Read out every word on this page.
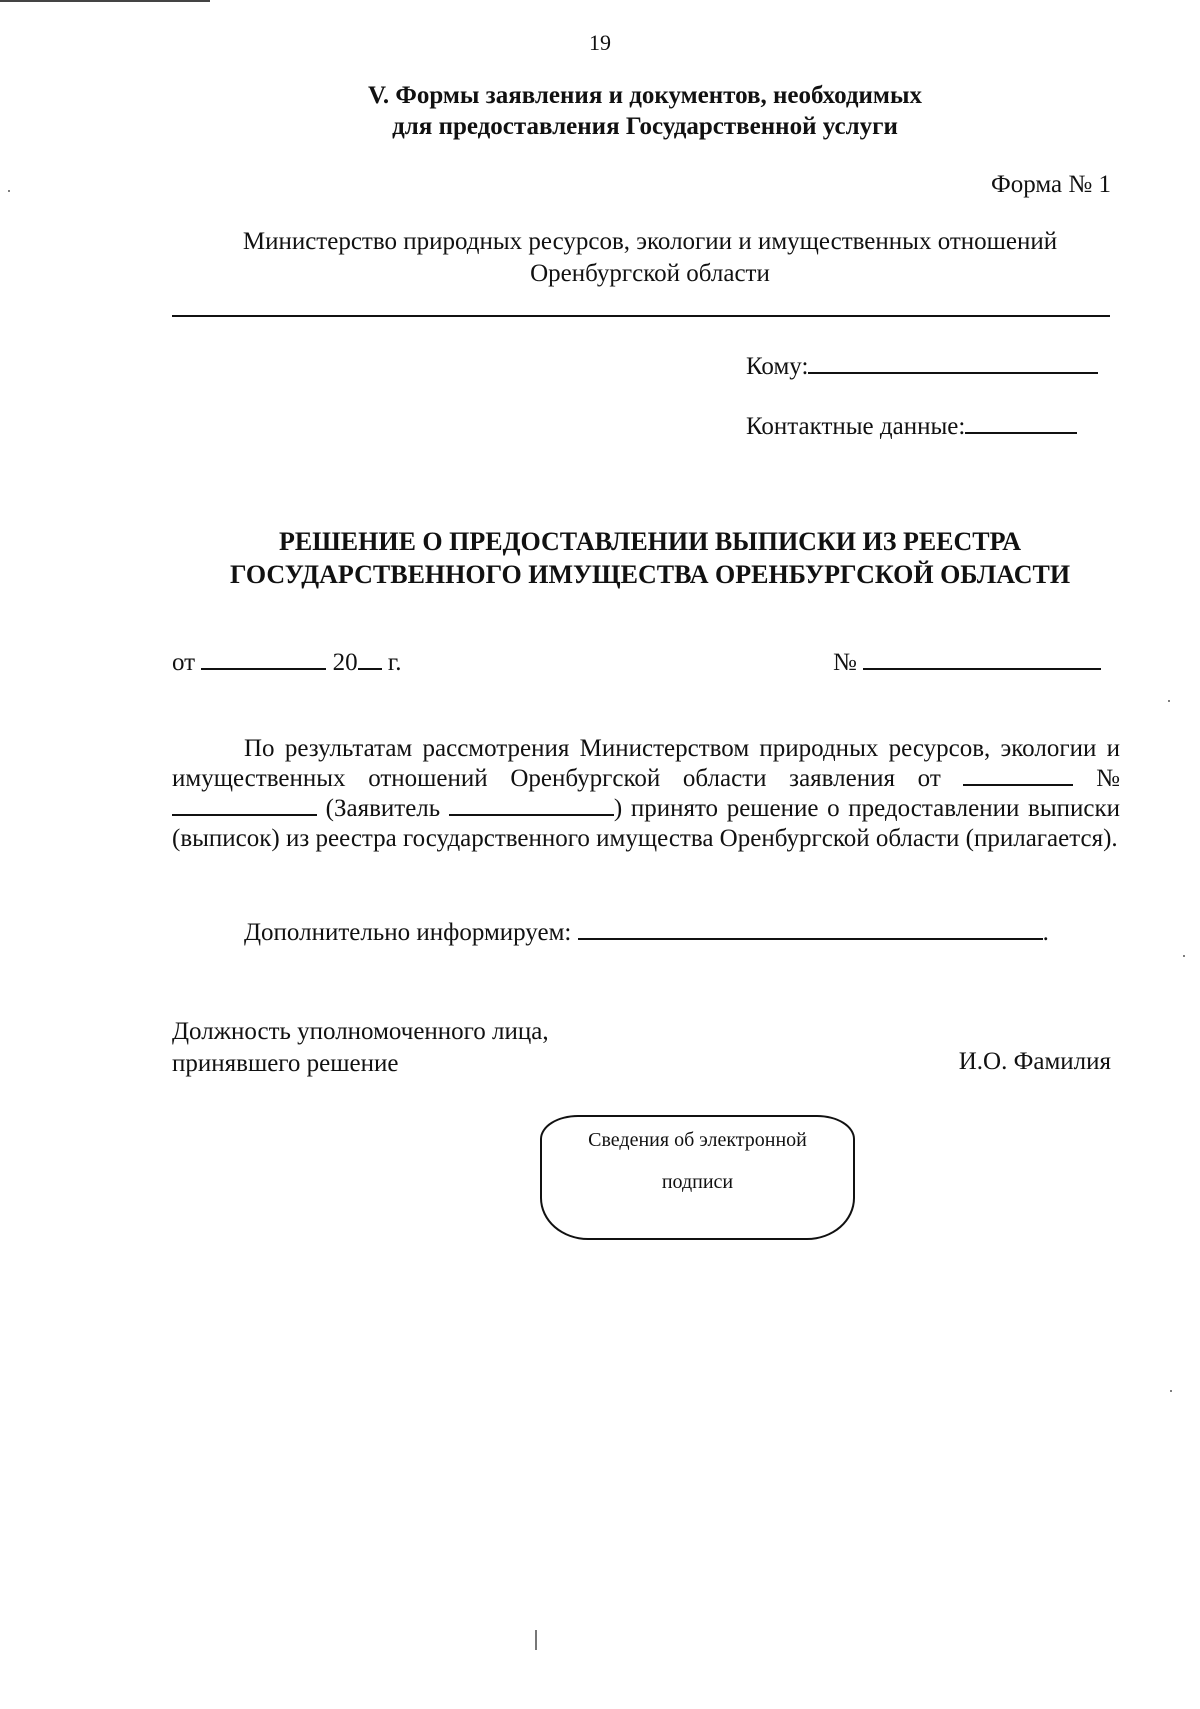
19
V. Формы заявления и документов, необходимых
для предоставления Государственной услуги
Форма № 1
Министерство природных ресурсов, экологии и имущественных отношений
Оренбургской области
Кому:
Контактные данные:
РЕШЕНИЕ О ПРЕДОСТАВЛЕНИИ ВЫПИСКИ ИЗ РЕЕСТРА
ГОСУДАРСТВЕННОГО ИМУЩЕСТВА ОРЕНБУРГСКОЙ ОБЛАСТИ
от	20 г.	№
По результатам рассмотрения Министерством природных ресурсов, экологии и имущественных отношений Оренбургской области заявления от	№  (Заявитель	) принято решение о предоставлении выписки (выписок) из реестра государственного имущества Оренбургской области (прилагается).
Дополнительно информируем:	.
Должность уполномоченного лица,
принявшего решение	И.О. Фамилия
Сведения об электронной
подписи
